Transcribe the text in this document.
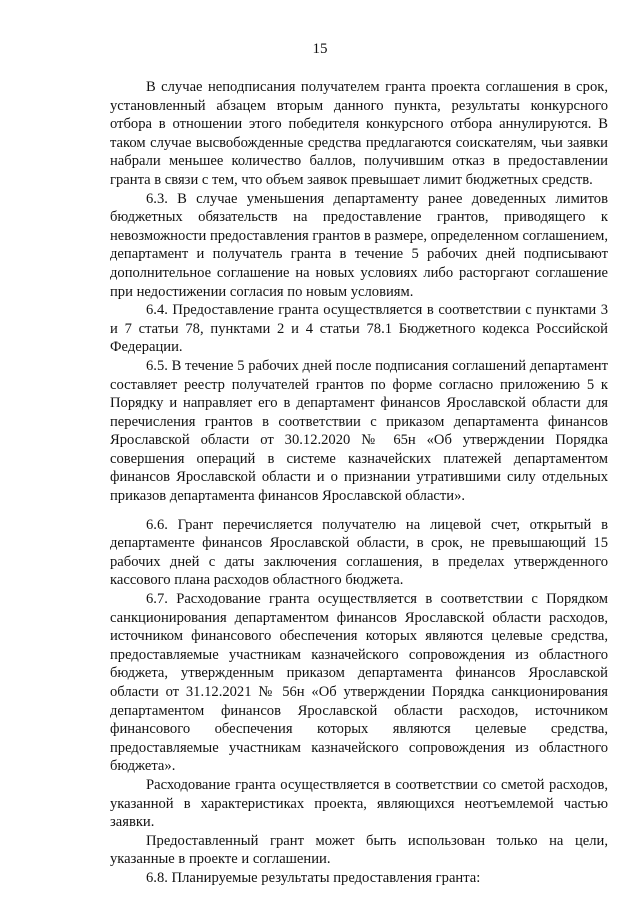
15

В случае неподписания получателем гранта проекта соглашения в срок, установленный абзацем вторым данного пункта, результаты конкурсного отбора в отношении этого победителя конкурсного отбора аннулируются. В таком случае высвобожденные средства предлагаются соискателям, чьи заявки набрали меньшее количество баллов, получившим отказ в предоставлении гранта в связи с тем, что объем заявок превышает лимит бюджетных средств.

6.3. В случае уменьшения департаменту ранее доведенных лимитов бюджетных обязательств на предоставление грантов, приводящего к невозможности предоставления грантов в размере, определенном соглашением, департамент и получатель гранта в течение 5 рабочих дней подписывают дополнительное соглашение на новых условиях либо расторгают соглашение при недостижении согласия по новым условиям.

6.4. Предоставление гранта осуществляется в соответствии с пунктами 3 и 7 статьи 78, пунктами 2 и 4 статьи 78.1 Бюджетного кодекса Российской Федерации.

6.5. В течение 5 рабочих дней после подписания соглашений департамент составляет реестр получателей грантов по форме согласно приложению 5 к Порядку и направляет его в департамент финансов Ярославской области для перечисления грантов в соответствии с приказом департамента финансов Ярославской области от 30.12.2020 № 65н «Об утверждении Порядка совершения операций в системе казначейских платежей департаментом финансов Ярославской области и о признании утратившими силу отдельных приказов департамента финансов Ярославской области».

6.6. Грант перечисляется получателю на лицевой счет, открытый в департаменте финансов Ярославской области, в срок, не превышающий 15 рабочих дней с даты заключения соглашения, в пределах утвержденного кассового плана расходов областного бюджета.

6.7. Расходование гранта осуществляется в соответствии с Порядком санкционирования департаментом финансов Ярославской области расходов, источником финансового обеспечения которых являются целевые средства, предоставляемые участникам казначейского сопровождения из областного бюджета, утвержденным приказом департамента финансов Ярославской области от 31.12.2021 № 56н «Об утверждении Порядка санкционирования департаментом финансов Ярославской области расходов, источником финансового обеспечения которых являются целевые средства, предоставляемые участникам казначейского сопровождения из областного бюджета».

Расходование гранта осуществляется в соответствии со сметой расходов, указанной в характеристиках проекта, являющихся неотъемлемой частью заявки.

Предоставленный грант может быть использован только на цели, указанные в проекте и соглашении.

6.8. Планируемые результаты предоставления гранта:
